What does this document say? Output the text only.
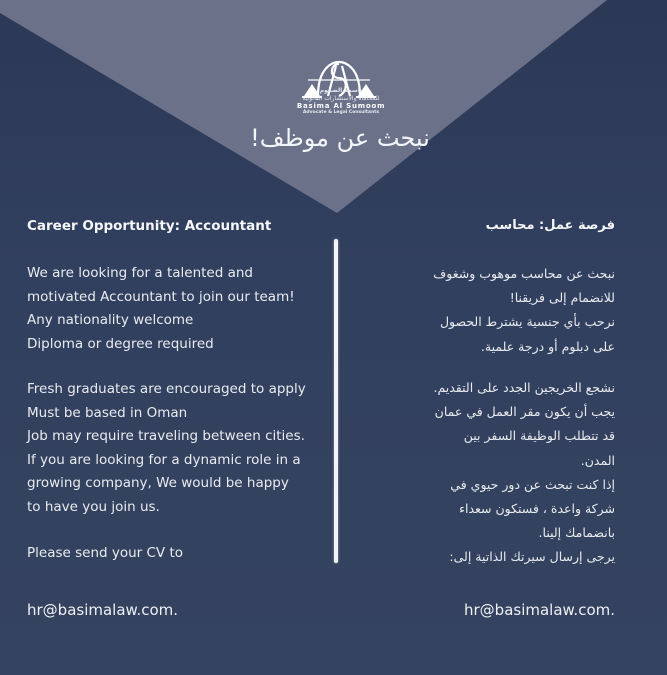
باسمة الصموم
للمحاماة والاستشارات القانونية
Basima Al Sumoom
Advocate & Legal Consultants
نبحث عن موظف!
Career Opportunity: Accountant
We are looking for a talented and
motivated Accountant to join our team!
Any nationality welcome
Diploma or degree required
Fresh graduates are encouraged to apply
Must be based in Oman
Job may require traveling between cities.
If you are looking for a dynamic role in a
growing company, We would be happy
to have you join us.
Please send your CV to
فرصة عمل: محاسب
نبحث عن محاسب موهوب وشغوف
للانضمام إلى فريقنا!
نرحب بأي جنسية يشترط الحصول
على دبلوم أو درجة علمية.
نشجع الخريجين الجدد على التقديم.
يجب أن يكون مقر العمل في عمان
قد تتطلب الوظيفة السفر بين
المدن.
إذا كنت تبحث عن دور حيوي في
شركة واعدة ، فستكون سعداء
بانضمامك إلينا.
يرجى إرسال سيرتك الذاتية إلى:
hr@basimalaw.com.	hr@basimalaw.com.
